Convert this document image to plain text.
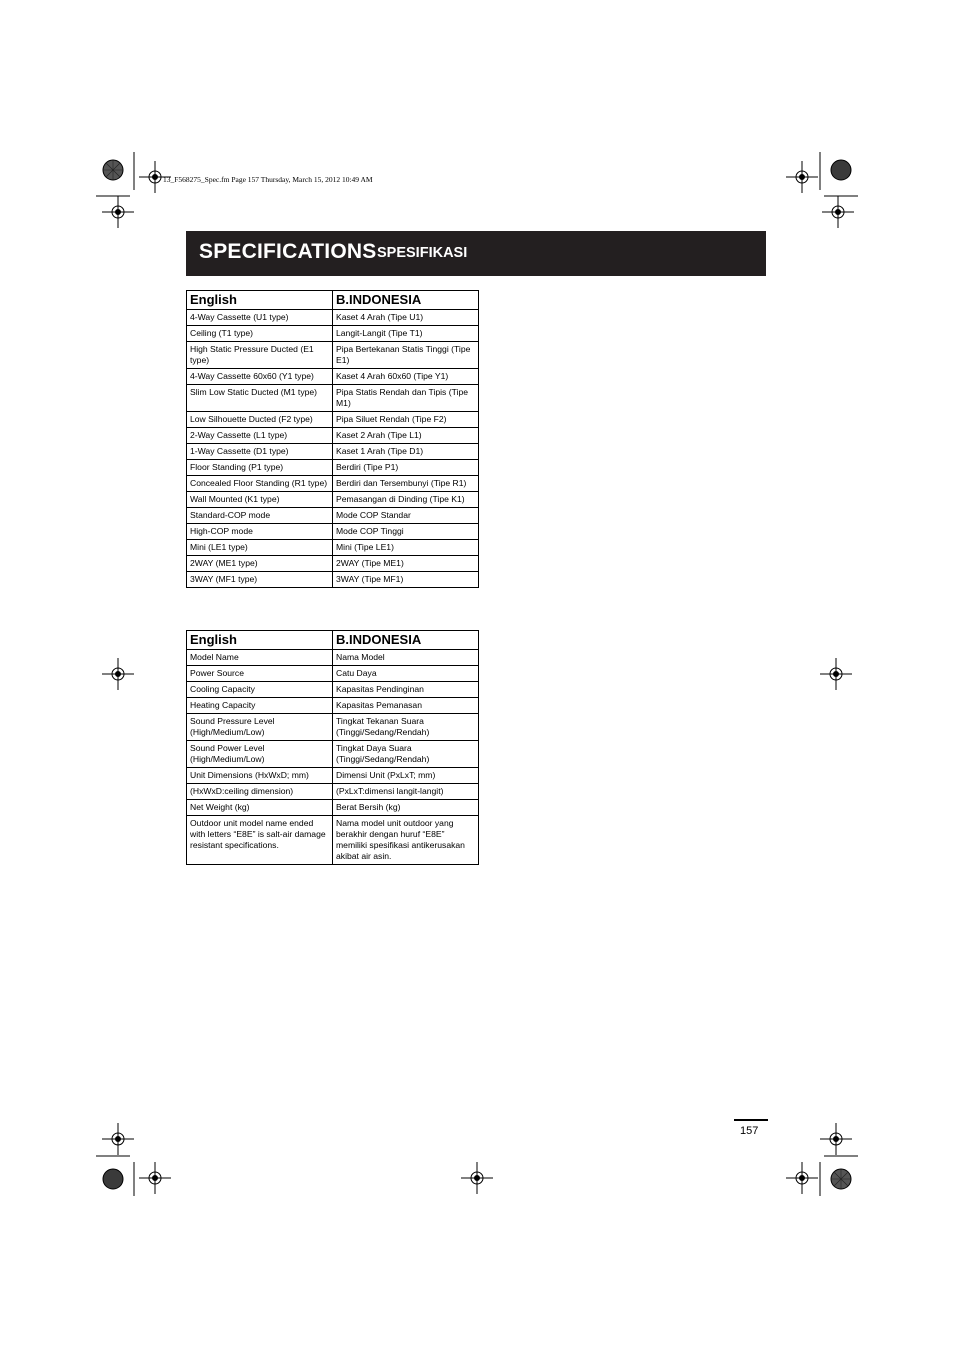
13_F568275_Spec.fm Page 157 Thursday, March 15, 2012 10:49 AM
SPECIFICATIONS SPESIFIKASI
English	B.INDONESIA
4-Way Cassette (U1 type)	Kaset 4 Arah (Tipe U1)
Ceiling (T1 type)	Langit-Langit (Tipe T1)
High Static Pressure Ducted (E1 type)	Pipa Bertekanan Statis Tinggi (Tipe E1)
4-Way Cassette 60x60 (Y1 type)	Kaset 4 Arah 60x60 (Tipe Y1)
Slim Low Static Ducted (M1 type)	Pipa Statis Rendah dan Tipis (Tipe M1)
Low Silhouette Ducted (F2 type)	Pipa Siluet Rendah (Tipe F2)
2-Way Cassette (L1 type)	Kaset 2 Arah (Tipe L1)
1-Way Cassette (D1 type)	Kaset 1 Arah (Tipe D1)
Floor Standing (P1 type)	Berdiri (Tipe P1)
Concealed Floor Standing (R1 type)	Berdiri dan Tersembunyi (Tipe R1)
Wall Mounted (K1 type)	Pemasangan di Dinding (Tipe K1)
Standard-COP mode	Mode COP Standar
High-COP mode	Mode COP Tinggi
Mini (LE1 type)	Mini (Tipe LE1)
2WAY (ME1 type)	2WAY (Tipe ME1)
3WAY (MF1 type)	3WAY (Tipe MF1)
English	B.INDONESIA
Model Name	Nama Model
Power Source	Catu Daya
Cooling Capacity	Kapasitas Pendinginan
Heating Capacity	Kapasitas Pemanasan
Sound Pressure Level (High/Medium/Low)	Tingkat Tekanan Suara (Tinggi/Sedang/Rendah)
Sound Power Level (High/Medium/Low)	Tingkat Daya Suara (Tinggi/Sedang/Rendah)
Unit Dimensions (HxWxD; mm)	Dimensi Unit (PxLxT; mm)
(HxWxD:ceiling dimension)	(PxLxT:dimensi langit-langit)
Net Weight (kg)	Berat Bersih (kg)
Outdoor unit model name ended with letters “E8E” is salt-air damage resistant specifications.	Nama model unit outdoor yang berakhir dengan huruf “E8E” memiliki spesifikasi antikerusakan akibat air asin.
157
